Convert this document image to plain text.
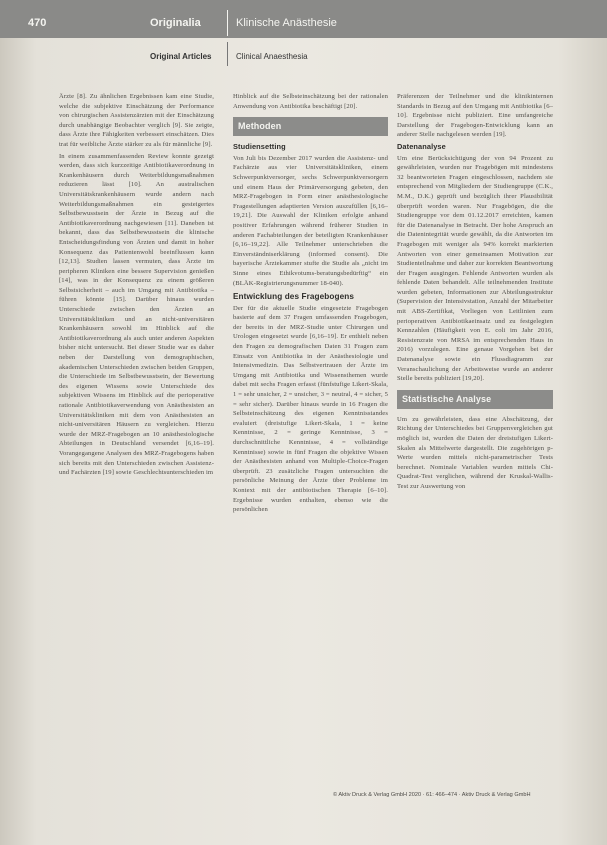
470	Originalia	Klinische Anästhesie
Original Articles	Clinical Anaesthesia

Ärzte [8]. Zu ähnlichen Ergebnissen kam eine Studie, welche die subjektive Einschätzung der Performance von chirurgischen Assistenzärzten mit der Einschätzung durch unabhängige Beobachter verglich [9]. Sie zeigte, dass Ärzte ihre Fähigkeiten verbessert einschätzen. Dies trat für weibliche Ärzte stärker zu als für männliche [9].

In einem zusammenfassenden Review konnte gezeigt werden, dass sich kurzzeitige Antibiotikaverordnung in Krankenhäusern durch Weiterbildungsmaßnahmen reduzieren lässt [10]. An australischen Universitätskrankenhäusern wurde andern nach Weiterbildungsmaßnahmen ein gesteigertes Selbstbewusstsein der Ärzte in Bezug auf die Antibiotikaverordnung nachgewiesen [11]. Daneben ist bekannt, dass das Selbstbewusstsein die klinische Entscheidungsfindung von Ärzten und damit in hoher Konsequenz das Patientenwohl beeinflussen kann [12,13]. Studien lassen vermuten, dass Ärzte im peripheren Kliniken eine bessere Supervision genießen [14], was in der Konsequenz zu einem größeren Selbstsicherheit – auch im Umgang mit Antibiotika – führen könnte [15]. Darüber hinaus wurden Unterschiede zwischen den Ärzten an Universitätskliniken und an nicht-universitären Krankenhäusern sowohl im Hinblick auf die Antibiotikaverordnung als auch unter anderen Aspekten bisher nicht untersucht. Bei dieser Studie war es daher neben der Darstellung von demographischen, akademischen Unterschieden zwischen beiden Gruppen, die Unterschiede im Selbstbewusstsein, der Bewertung des eigenen Wissens sowie Unterschiede des subjektiven Wissens im Hinblick auf die perioperative rationale Antibiotikaverwendung von Anästhesisten an Universitätskliniken mit dem von Anästhesisten an nicht-universitären Häusern zu vergleichen. Hierzu wurde der MRZ-Fragebogen an 10 anästhesiologische Abteilungen in Deutschland versendet [6,16–19]. Vorangegangene Analysen des MRZ-Fragebogens haben sich bereits mit den Unterschieden zwischen Assistenz- und Fachärzten [19] sowie Geschlechtsunterschieden im

Hinblick auf die Selbsteinschätzung bei der rationalen Anwendung von Antibiotika beschäftigt [20].

Methoden
Studiensetting

Von Juli bis Dezember 2017 wurden die Assistenz- und Fachärzte aus vier Universitätskliniken, einem Schwerpunktversorger, sechs Schwerpunktversorgern und einem Haus der Primärversorgung gebeten, den MRZ-Fragebogen in Form einer anästhesiologische Fragestellungen adaptierten Version auszufüllen [6,16–19,21]. Die Auswahl der Kliniken erfolgte anhand positiver Erfahrungen während früherer Studien in anderen Fachabteilungen der beteiligten Krankenhäuser [6,16–19,22]. Alle Teilnehmer unterschrieben die Einverständniserklärung (informed consent). Die bayerische Ärztekammer stufte die Studie als „nicht im Sinne eines Ethikvotums-beratungsbedürftig“ ein (BLÄK-Registrierungsnummer 18-040).

Entwicklung des Fragebogens

Der für die aktuelle Studie eingesetzte Fragebogen basierte auf dem 37 Fragen umfassenden Fragebogen, der bereits in der MRZ-Studie unter Chirurgen und Urologen eingesetzt wurde [6,16–19]. Er enthielt neben den Fragen zu demografischen Daten 31 Fragen zum Einsatz von Antibiotika in der Anästhesiologie und Intensivmedizin. Das Selbstvertrauen der Ärzte im Umgang mit Antibiotika und Wissensthemen wurde dabei mit sechs Fragen erfasst (fünfstufige Likert-Skala, 1 = sehr unsicher, 2 = unsicher, 3 = neutral, 4 = sicher, 5 = sehr sicher). Darüber hinaus wurde in 16 Fragen die Selbsteinschätzung des eigenen Kenntnisstandes evaluiert (dreistufige Likert-Skala, 1 = keine Kenntnisse, 2 = geringe Kenntnisse, 3 = durchschnittliche Kenntnisse, 4 = vollständige Kenntnisse) sowie in fünf Fragen die objektive Wissen der Anästhesisten anhand von Multiple-Choice-Fragen überprüft. 23 zusätzliche Fragen untersuchten die persönliche Meinung der Ärzte über Probleme im Kontext mit der antibiotischen Therapie [6–10]. Ergebnisse wurden enthalten, ebenso wie die persönlichen

Präferenzen der Teilnehmer und die klinikinternen Standards in Bezug auf den Umgang mit Antibiotika [6–10]. Ergebnisse nicht publiziert. Eine umfangreiche Darstellung der Fragebogen-Entwicklung kann an anderer Stelle nachgelesen werden [19].

Datenanalyse

Um eine Berücksichtigung der von 94 Prozent zu gewährleisten, wurden nur Fragebögen mit mindestens 32 beantworteten Fragen eingeschlossen, nachdem sie entsprechend von Mitgliedern der Studiengruppe (C.K., M.M., D.K.) geprüft und bezüglich ihrer Plausibilität überprüft worden waren. Nur Fragebögen, die die Studiengruppe vor dem 01.12.2017 erreichten, kamen für die Datenanalyse in Betracht. Der hohe Anspruch an die Datenintegrität wurde gewählt, da die Antworten im Fragebogen mit weniger als 94% korrekt markierten Antworten von einer gemeinsamen Motivation zur Studienteilnahme und daher zur korrekten Beantwortung der Fragen ausgingen. Fehlende Antworten wurden als fehlende Daten behandelt. Alle teilnehmenden Institute wurden gebeten, Informationen zur Abteilungsstruktur (Supervision der Intensivstation, Anzahl der Mitarbeiter mit ABS-Zertifikat, Vorliegen von Leitlinien zum perioperativen Antibiotikaeinsatz und zu festgelegten Kennzahlen (Häufigkeit von E. coli im Jahr 2016, Resistenzrate von MRSA im entsprechenden Haus in 2016) vorzulegen. Eine genaue Vorgehen bei der Datenanalyse sowie ein Flussdiagramm zur Veranschaulichung der Arbeitsweise wurde an anderer Stelle bereits publiziert [19,20].

Statistische Analyse

Um zu gewährleisten, dass eine Abschätzung, der Richtung der Unterschiedes bei Gruppenvergleichen gut möglich ist, wurden die Daten der dreistufigen Likert-Skalen als Mittelwerte dargestellt. Die zugehörigen p-Werte wurden mittels nicht-parametrischer Tests berechnet. Nominale Variablen wurden mittels Chi-Quadrat-Test verglichen, während der Kruskal-Wallis-Test zur Auswertung von

© Aktiv Druck & Verlag GmbH 2020 · 61: 466–474 · Aktiv Druck & Verlag GmbH
